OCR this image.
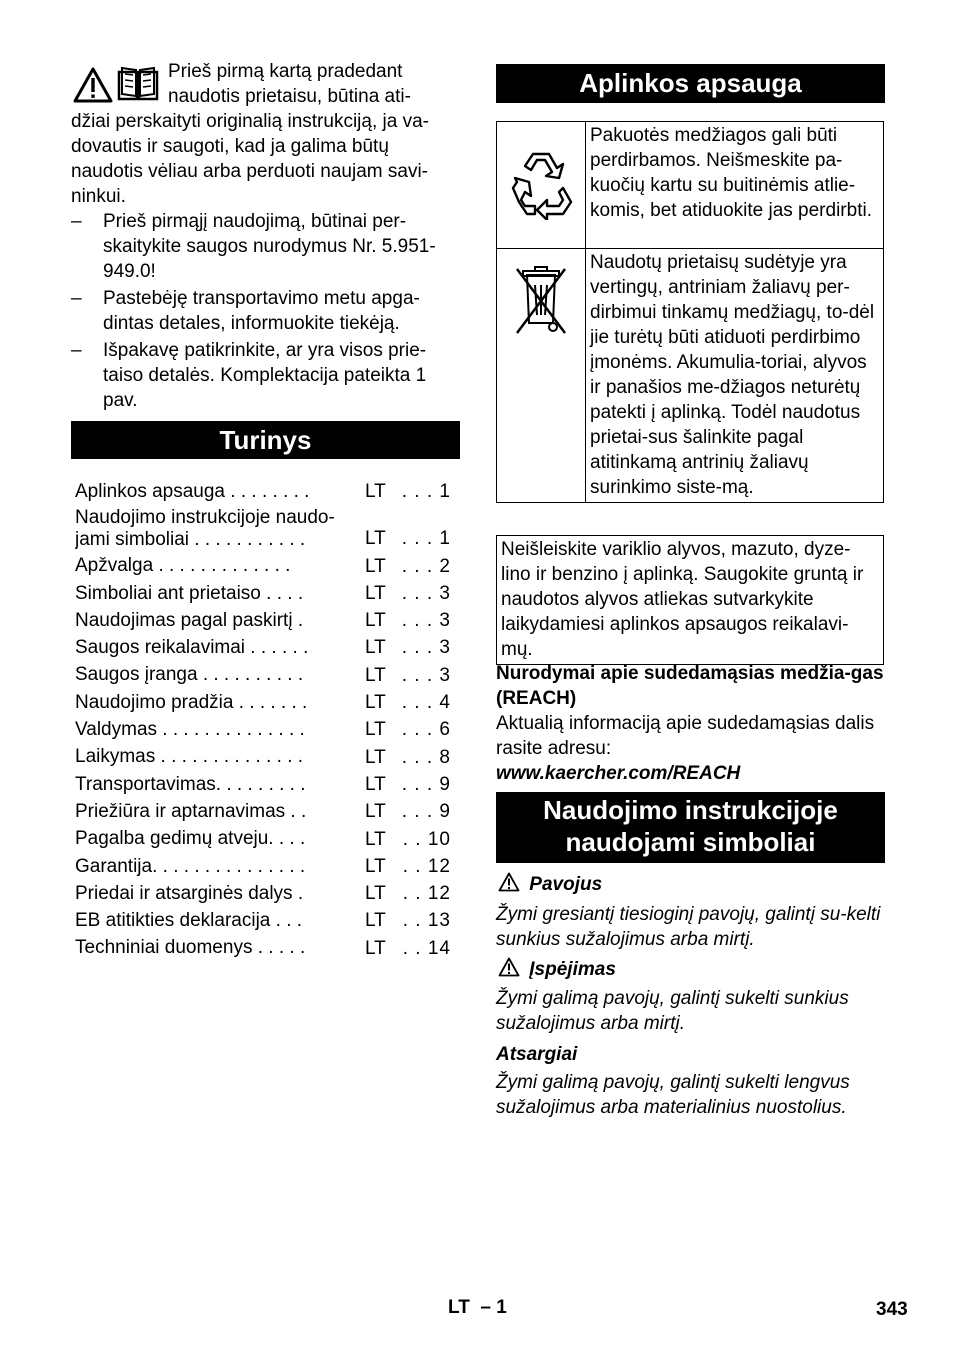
Prieš pirmą kartą pradedant
naudotis prietaisu, būtina ati-
džiai perskaityti originalią instrukciją, ja va-
dovautis ir saugoti, kad ja galima būtų
naudotis vėliau arba perduoti naujam savi-
ninkui.
– Prieš pirmąjį naudojimą, būtinai per-skaitykite saugos nurodymus Nr. 5.951-949.0!
– Pastebėję transportavimo metu apga-dintas detales, informuokite tiekėją.
– Išpakavę patikrinkite, ar yra visos prie-taiso detalės. Komplektacija pateikta 1 pav.
Turinys
Aplinkos apsauga . . . . . . . .	LT . . . 1
Naudojimo instrukcijoje naudo-jami simboliai . . . . . . . . . . .	LT . . . 1
Apžvalga . . . . . . . . . . . . .	LT . . . 2
Simboliai ant prietaiso . . . .	LT . . . 3
Naudojimas pagal paskirtį .	LT . . . 3
Saugos reikalavimai . . . . . .	LT . . . 3
Saugos įranga . . . . . . . . . .	LT . . . 3
Naudojimo pradžia . . . . . . .	LT . . . 4
Valdymas . . . . . . . . . . . . . .	LT . . . 6
Laikymas . . . . . . . . . . . . . .	LT . . . 8
Transportavimas. . . . . . . . .	LT . . . 9
Priežiūra ir aptarnavimas . .	LT . . . 9
Pagalba gedimų atveju. . . .	LT . . 10
Garantija. . . . . . . . . . . . . . .	LT . . 12
Priedai ir atsarginės dalys .	LT . . 12
EB atitikties deklaracija . . .	LT . . 13
Techniniai duomenys . . . . .	LT . . 14
Aplinkos apsauga
	Pakuotės medžiagos gali būti perdirbamos. Neišmeskite pa-kuočių kartu su buitinėmis atlie-komis, bet atiduokite jas perdirbti.
	Naudotų prietaisų sudėtyje yra vertingų, antriniam žaliavų per-dirbimui tinkamų medžiagų, to-dėl jie turėtų būti atiduoti perdirbimo įmonėms. Akumulia-toriai, alyvos ir panašios me-džiagos neturėtų patekti į aplinką. Todėl naudotus prietai-sus šalinkite pagal atitinkamą antrinių žaliavų surinkimo siste-mą.
Neišleiskite variklio alyvos, mazuto, dyze-lino ir benzino į aplinką. Saugokite gruntą ir naudotos alyvos atliekas sutvarkykite laikydamiesi aplinkos apsaugos reikalavi-mų.
Nurodymai apie sudedamąsias medžia-gas (REACH)
Aktualią informaciją apie sudedamąsias dalis rasite adresu:
www.kaercher.com/REACH
Naudojimo instrukcijoje
naudojami simboliai
Pavojus
Žymi gresiantį tiesioginį pavojų, galintį su-kelti sunkius sužalojimus arba mirtį.
Įspėjimas
Žymi galimą pavojų, galintį sukelti sunkius sužalojimus arba mirtį.
Atsargiai
Žymi galimą pavojų, galintį sukelti lengvus sužalojimus arba materialinius nuostolius.
LT  – 1	343
